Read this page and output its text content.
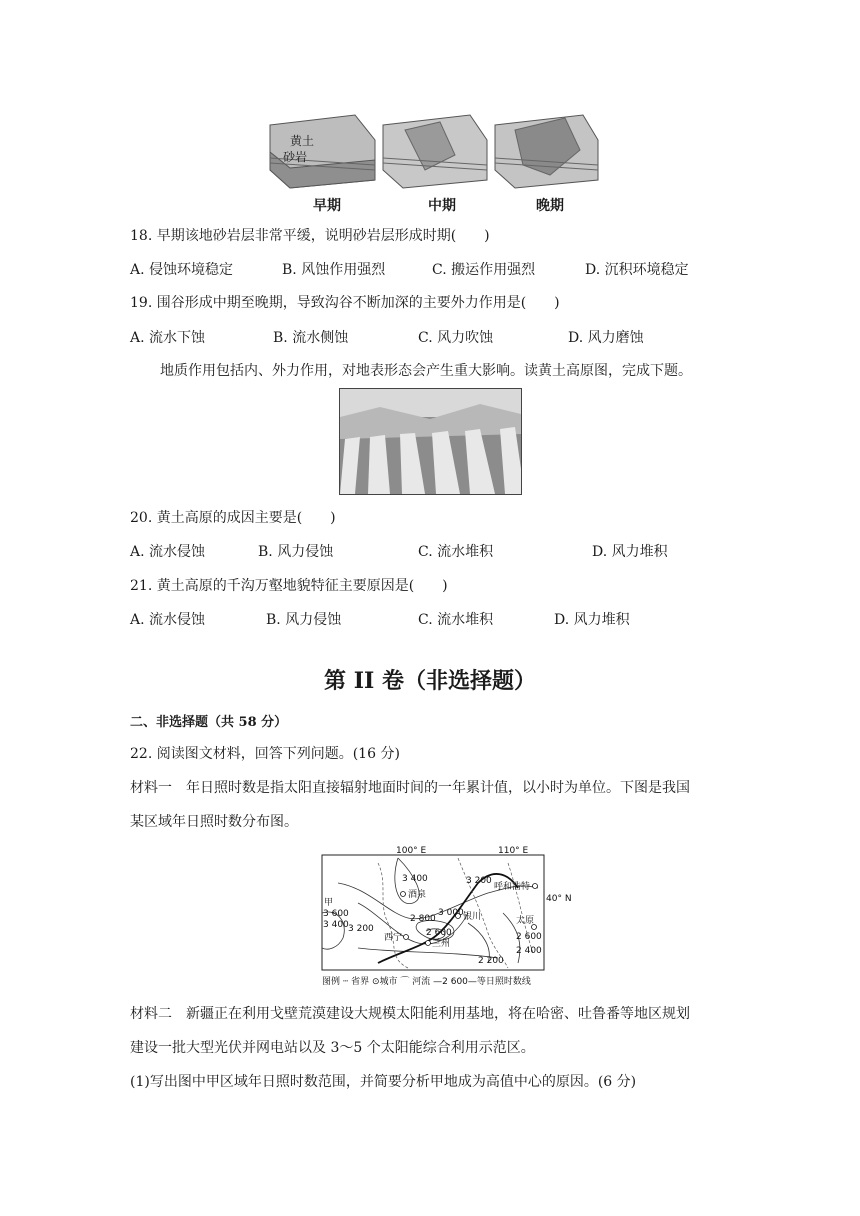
黄土
砂岩
早期	中期	晚期
18. 早期该地砂岩层非常平缓，说明砂岩层形成时期(　　)
A. 侵蚀环境稳定	B. 风蚀作用强烈	C. 搬运作用强烈	D. 沉积环境稳定
19. 围谷形成中期至晚期，导致沟谷不断加深的主要外力作用是(　　)
A. 流水下蚀	B. 流水侧蚀	C. 风力吹蚀	D. 风力磨蚀
地质作用包括内、外力作用，对地表形态会产生重大影响。读黄土高原图，完成下题。
20. 黄土高原的成因主要是(　　)
A. 流水侵蚀	B. 风力侵蚀	C. 流水堆积	D. 风力堆积
21. 黄土高原的千沟万壑地貌特征主要原因是(　　)
A. 流水侵蚀	B. 风力侵蚀	C. 流水堆积	D. 风力堆积
第 II 卷（非选择题）
二、非选择题（共 58 分）
22. 阅读图文材料，回答下列问题。(16 分)
材料一　年日照时数是指太阳直接辐射地面时间的一年累计值，以小时为单位。下图是我国
某区域年日照时数分布图。
100° E	110° E
40° N
呼和浩特
酒泉
银川	太原
西宁
兰州
甲
3 400	3 200
3 600
3 400 3 200
2 800
3 000
2 600
2 400
2 200
2 600
图例 ┄ 省界 ⊙城市 ⌒ 河流 —2 600—等日照时数线
材料二　新疆正在利用戈壁荒漠建设大规模太阳能利用基地，将在哈密、吐鲁番等地区规划
建设一批大型光伏并网电站以及 3～5 个太阳能综合利用示范区。
(1)写出图中甲区域年日照时数范围，并简要分析甲地成为高值中心的原因。(6 分)
